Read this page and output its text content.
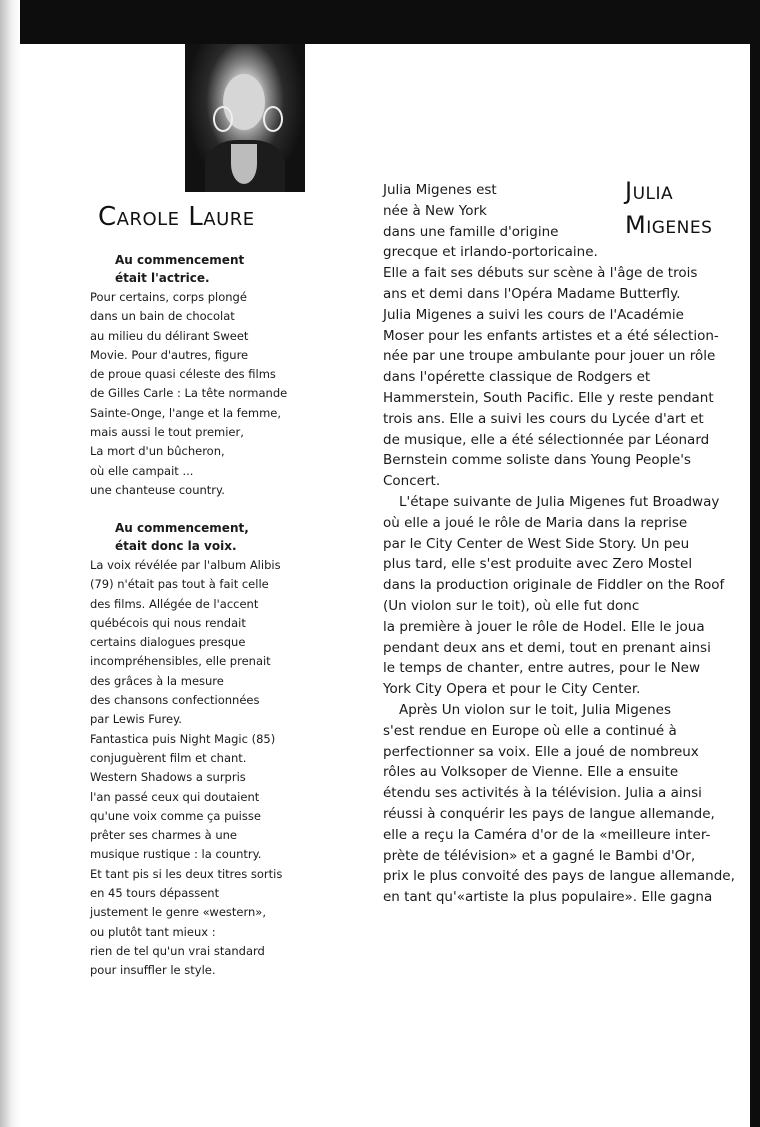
Carole Laure
Julia
Migenes

Au commencement
était l'actrice.

Pour certains, corps plongé
dans un bain de chocolat
au milieu du délirant Sweet
Movie. Pour d'autres, figure
de proue quasi céleste des films
de Gilles Carle : La tête normande
Sainte-Onge, l'ange et la femme,
mais aussi le tout premier,
La mort d'un bûcheron,
où elle campait ...
une chanteuse country.

Au commencement,
était donc la voix.

La voix révélée par l'album Alibis
(79) n'était pas tout à fait celle
des films. Allégée de l'accent
québécois qui nous rendait
certains dialogues presque
incompréhensibles, elle prenait
des grâces à la mesure
des chansons confectionnées
par Lewis Furey.
Fantastica puis Night Magic (85)
conjuguèrent film et chant.
Western Shadows a surpris
l'an passé ceux qui doutaient
qu'une voix comme ça puisse
prêter ses charmes à une
musique rustique : la country.
Et tant pis si les deux titres sortis
en 45 tours dépassent
justement le genre «western»,
ou plutôt tant mieux :
rien de tel qu'un vrai standard
pour insuffler le style.

Julia Migenes est
née à New York
dans une famille d'origine
grecque et irlando-portoricaine.
Elle a fait ses débuts sur scène à l'âge de trois
ans et demi dans l'Opéra Madame Butterfly.
Julia Migenes a suivi les cours de l'Académie
Moser pour les enfants artistes et a été sélection-
née par une troupe ambulante pour jouer un rôle
dans l'opérette classique de Rodgers et
Hammerstein, South Pacific. Elle y reste pendant
trois ans. Elle a suivi les cours du Lycée d'art et
de musique, elle a été sélectionnée par Léonard
Bernstein comme soliste dans Young People's
Concert.
L'étape suivante de Julia Migenes fut Broadway
où elle a joué le rôle de Maria dans la reprise
par le City Center de West Side Story. Un peu
plus tard, elle s'est produite avec Zero Mostel
dans la production originale de Fiddler on the Roof
(Un violon sur le toit), où elle fut donc
la première à jouer le rôle de Hodel. Elle le joua
pendant deux ans et demi, tout en prenant ainsi
le temps de chanter, entre autres, pour le New
York City Opera et pour le City Center.
Après Un violon sur le toit, Julia Migenes
s'est rendue en Europe où elle a continué à
perfectionner sa voix. Elle a joué de nombreux
rôles au Volksoper de Vienne. Elle a ensuite
étendu ses activités à la télévision. Julia a ainsi
réussi à conquérir les pays de langue allemande,
elle a reçu la Caméra d'or de la «meilleure inter-
prète de télévision» et a gagné le Bambi d'Or,
prix le plus convoité des pays de langue allemande,
en tant qu'«artiste la plus populaire». Elle gagna
